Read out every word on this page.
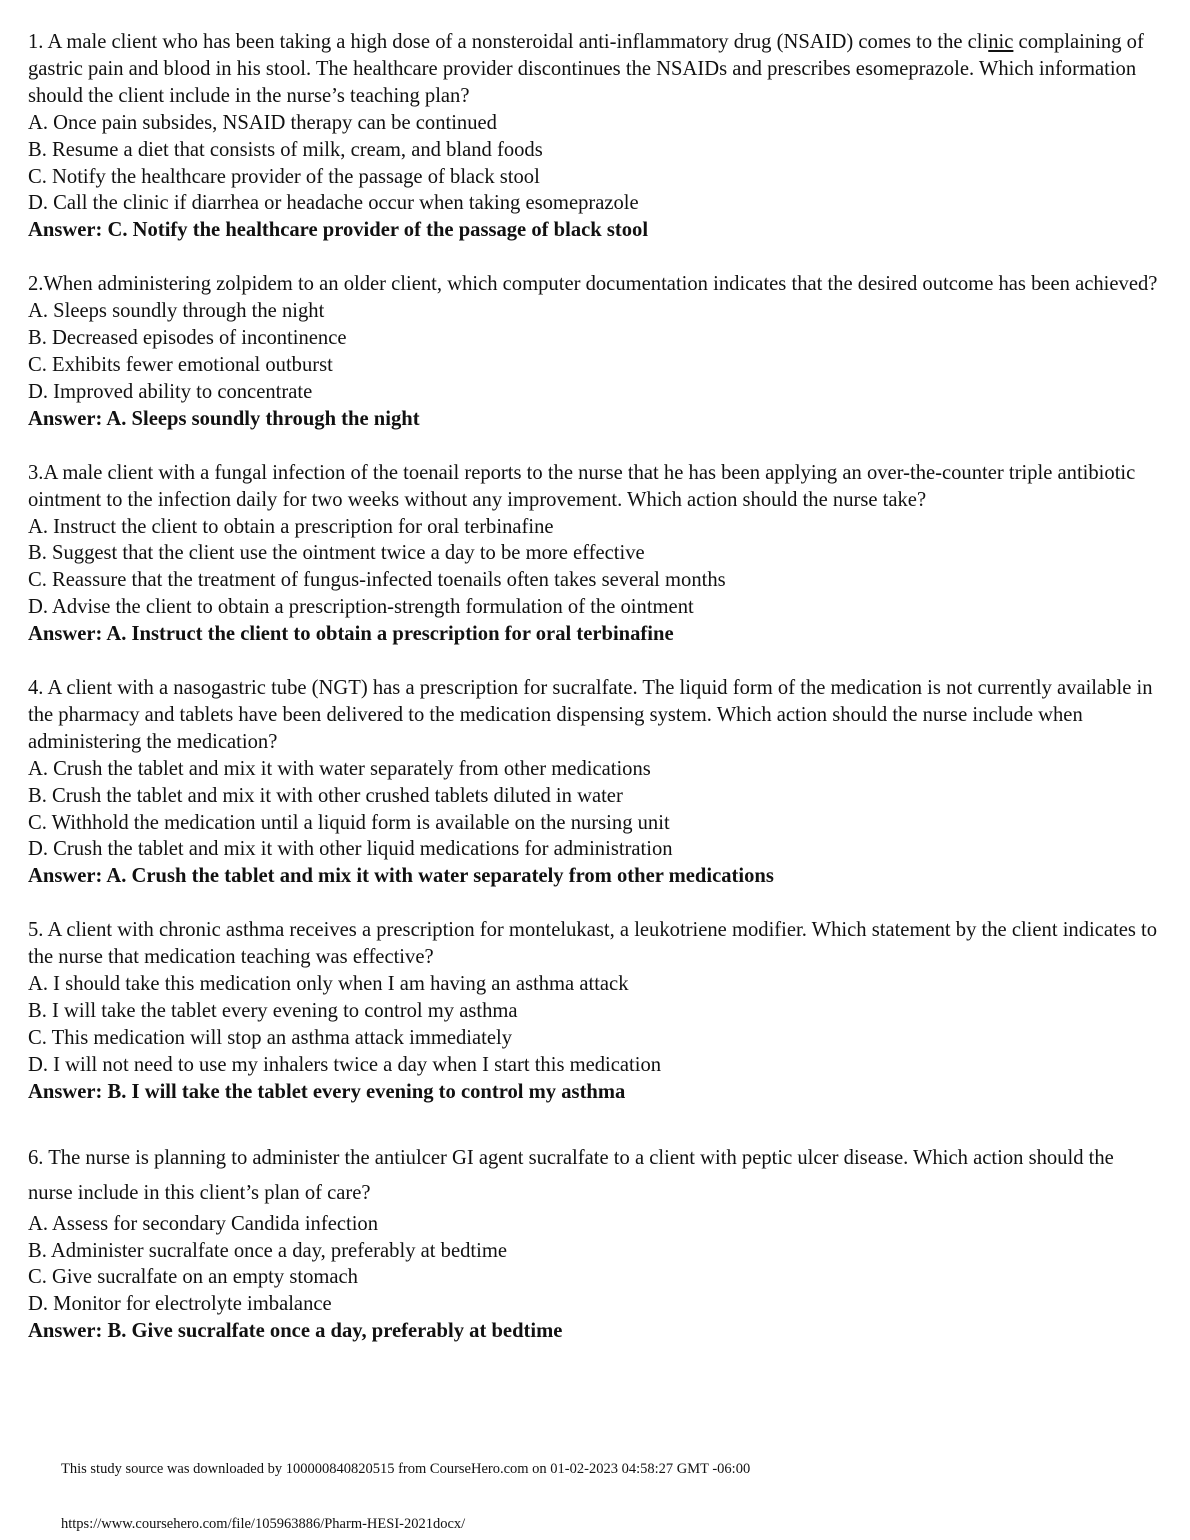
1. A male client who has been taking a high dose of a nonsteroidal anti-inflammatory drug (NSAID) comes to the clinic complaining of gastric pain and blood in his stool. The healthcare provider discontinues the NSAIDs and prescribes esomeprazole. Which information should the client include in the nurse’s teaching plan?

A. Once pain subsides, NSAID therapy can be continued

B. Resume a diet that consists of milk, cream, and bland foods

C. Notify the healthcare provider of the passage of black stool

D. Call the clinic if diarrhea or headache occur when taking esomeprazole

Answer: C. Notify the healthcare provider of the passage of black stool

2.When administering zolpidem to an older client, which computer documentation indicates that the desired outcome has been achieved?

A. Sleeps soundly through the night

B. Decreased episodes of incontinence

C. Exhibits fewer emotional outburst

D. Improved ability to concentrate

Answer: A. Sleeps soundly through the night

3.A male client with a fungal infection of the toenail reports to the nurse that he has been applying an over-the-counter triple antibiotic ointment to the infection daily for two weeks without any improvement. Which action should the nurse take?

A. Instruct the client to obtain a prescription for oral terbinafine

B. Suggest that the client use the ointment twice a day to be more effective

C. Reassure that the treatment of fungus-infected toenails often takes several months

D. Advise the client to obtain a prescription-strength formulation of the ointment

Answer: A. Instruct the client to obtain a prescription for oral terbinafine

4. A client with a nasogastric tube (NGT) has a prescription for sucralfate. The liquid form of the medication is not currently available in the pharmacy and tablets have been delivered to the medication dispensing system. Which action should the nurse include when administering the medication?

A. Crush the tablet and mix it with water separately from other medications

B. Crush the tablet and mix it with other crushed tablets diluted in water

C. Withhold the medication until a liquid form is available on the nursing unit

D. Crush the tablet and mix it with other liquid medications for administration

Answer: A. Crush the tablet and mix it with water separately from other medications

5. A client with chronic asthma receives a prescription for montelukast, a leukotriene modifier. Which statement by the client indicates to the nurse that medication teaching was effective?

A. I should take this medication only when I am having an asthma attack

B. I will take the tablet every evening to control my asthma

C. This medication will stop an asthma attack immediately

D. I will not need to use my inhalers twice a day when I start this medication

Answer: B. I will take the tablet every evening to control my asthma

6. The nurse is planning to administer the antiulcer GI agent sucralfate to a client with peptic ulcer disease. Which action should the nurse include in this client’s plan of care?

A. Assess for secondary Candida infection

B. Administer sucralfate once a day, preferably at bedtime

C. Give sucralfate on an empty stomach

D. Monitor for electrolyte imbalance

Answer: B. Give sucralfate once a day, preferably at bedtime

This study source was downloaded by 100000840820515 from CourseHero.com on 01-02-2023 04:58:27 GMT -06:00
https://www.coursehero.com/file/105963886/Pharm-HESI-2021docx/
